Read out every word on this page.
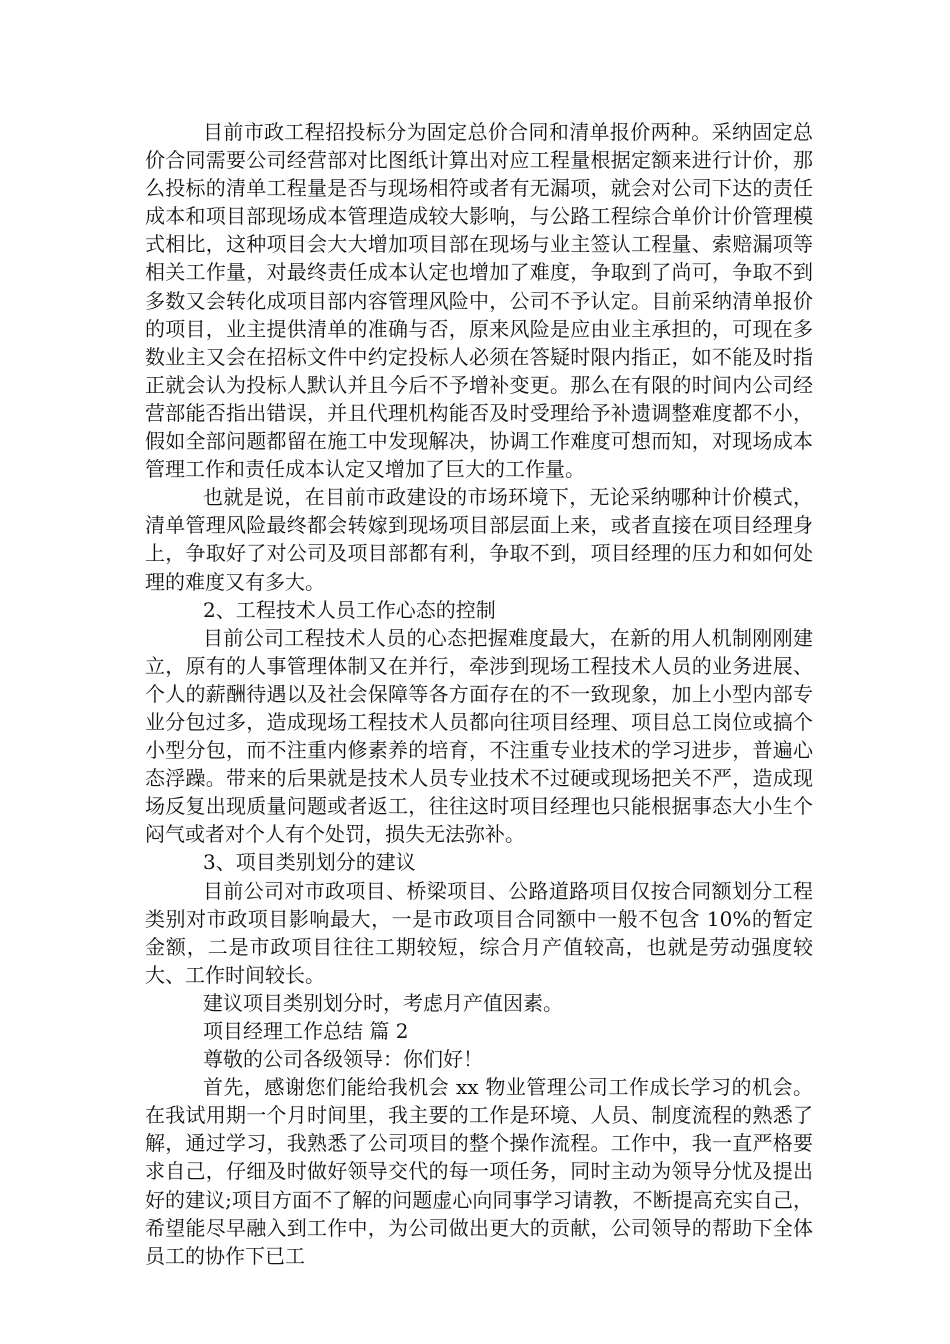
目前市政工程招投标分为固定总价合同和清单报价两种。采纳固定总价合同需要公司经营部对比图纸计算出对应工程量根据定额来进行计价，那么投标的清单工程量是否与现场相符或者有无漏项，就会对公司下达的责任成本和项目部现场成本管理造成较大影响，与公路工程综合单价计价管理模式相比，这种项目会大大增加项目部在现场与业主签认工程量、索赔漏项等相关工作量，对最终责任成本认定也增加了难度，争取到了尚可，争取不到多数又会转化成项目部内容管理风险中，公司不予认定。目前采纳清单报价的项目，业主提供清单的准确与否，原来风险是应由业主承担的，可现在多数业主又会在招标文件中约定投标人必须在答疑时限内指正，如不能及时指正就会认为投标人默认并且今后不予增补变更。那么在有限的时间内公司经营部能否指出错误，并且代理机构能否及时受理给予补遗调整难度都不小，假如全部问题都留在施工中发现解决，协调工作难度可想而知，对现场成本管理工作和责任成本认定又增加了巨大的工作量。

也就是说，在目前市政建设的市场环境下，无论采纳哪种计价模式，清单管理风险最终都会转嫁到现场项目部层面上来，或者直接在项目经理身上，争取好了对公司及项目部都有利，争取不到，项目经理的压力和如何处理的难度又有多大。

2、工程技术人员工作心态的控制

目前公司工程技术人员的心态把握难度最大，在新的用人机制刚刚建立，原有的人事管理体制又在并行，牵涉到现场工程技术人员的业务进展、个人的薪酬待遇以及社会保障等各方面存在的不一致现象，加上小型内部专业分包过多，造成现场工程技术人员都向往项目经理、项目总工岗位或搞个小型分包，而不注重内修素养的培育，不注重专业技术的学习进步，普遍心态浮躁。带来的后果就是技术人员专业技术不过硬或现场把关不严，造成现场反复出现质量问题或者返工，往往这时项目经理也只能根据事态大小生个闷气或者对个人有个处罚，损失无法弥补。

3、项目类别划分的建议

目前公司对市政项目、桥梁项目、公路道路项目仅按合同额划分工程类别对市政项目影响最大，一是市政项目合同额中一般不包含 10%的暂定金额，二是市政项目往往工期较短，综合月产值较高，也就是劳动强度较大、工作时间较长。

建议项目类别划分时，考虑月产值因素。

项目经理工作总结 篇 2

尊敬的公司各级领导：你们好！

首先，感谢您们能给我机会 xx 物业管理公司工作成长学习的机会。在我试用期一个月时间里，我主要的工作是环境、人员、制度流程的熟悉了解，通过学习，我熟悉了公司项目的整个操作流程。工作中，我一直严格要求自己，仔细及时做好领导交代的每一项任务，同时主动为领导分忧及提出好的建议;项目方面不了解的问题虚心向同事学习请教，不断提高充实自己，希望能尽早融入到工作中，为公司做出更大的贡献，公司领导的帮助下全体员工的协作下已工
